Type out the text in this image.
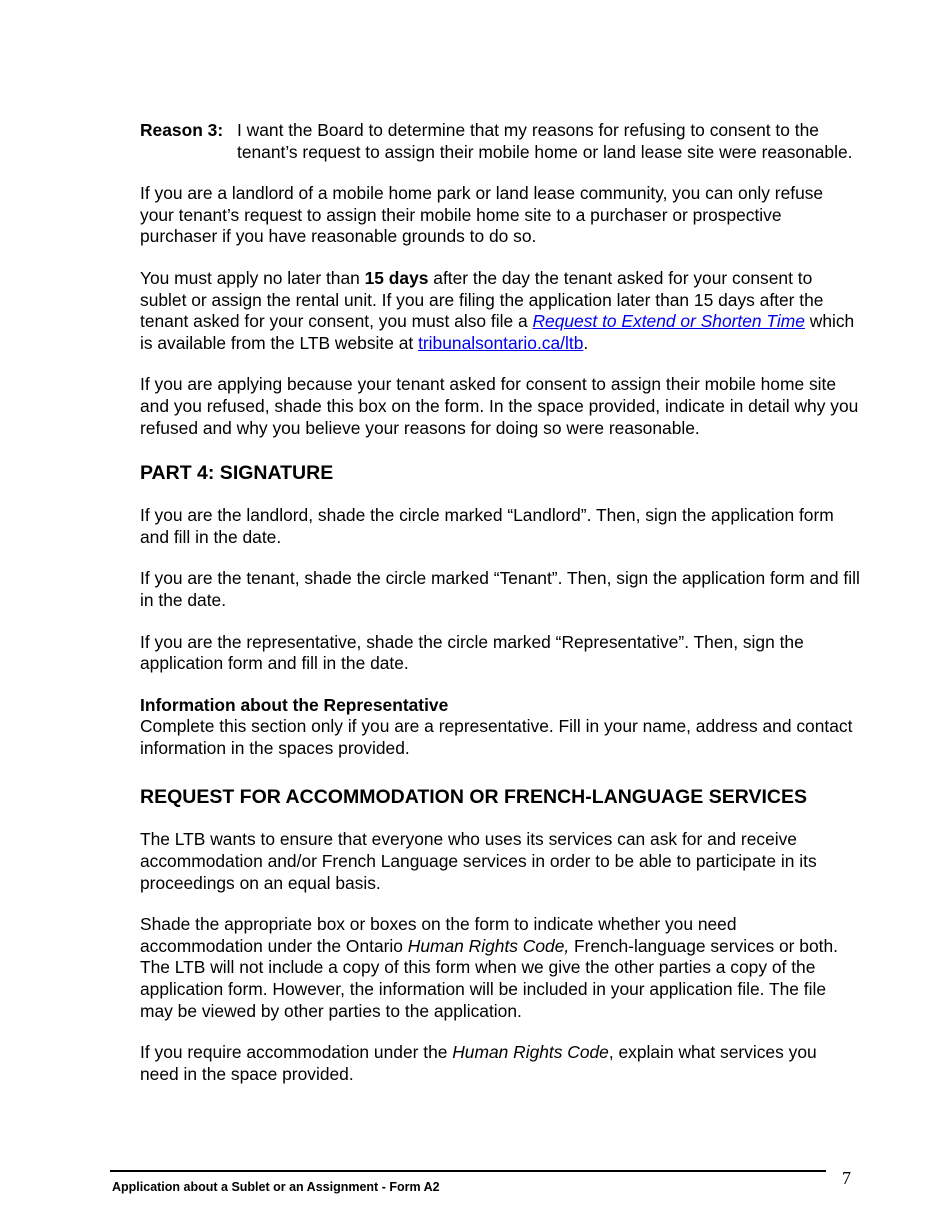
Reason 3: I want the Board to determine that my reasons for refusing to consent to the tenant’s request to assign their mobile home or land lease site were reasonable.

If you are a landlord of a mobile home park or land lease community, you can only refuse your tenant’s request to assign their mobile home site to a purchaser or prospective purchaser if you have reasonable grounds to do so.

You must apply no later than 15 days after the day the tenant asked for your consent to sublet or assign the rental unit. If you are filing the application later than 15 days after the tenant asked for your consent, you must also file a Request to Extend or Shorten Time which is available from the LTB website at tribunalsontario.ca/ltb.

If you are applying because your tenant asked for consent to assign their mobile home site and you refused, shade this box on the form. In the space provided, indicate in detail why you refused and why you believe your reasons for doing so were reasonable.

PART 4: SIGNATURE

If you are the landlord, shade the circle marked “Landlord”. Then, sign the application form and fill in the date.

If you are the tenant, shade the circle marked “Tenant”. Then, sign the application form and fill in the date.

If you are the representative, shade the circle marked “Representative”. Then, sign the application form and fill in the date.

Information about the Representative

Complete this section only if you are a representative. Fill in your name, address and contact information in the spaces provided.

REQUEST FOR ACCOMMODATION OR FRENCH-LANGUAGE SERVICES

The LTB wants to ensure that everyone who uses its services can ask for and receive accommodation and/or French Language services in order to be able to participate in its proceedings on an equal basis.

Shade the appropriate box or boxes on the form to indicate whether you need accommodation under the Ontario Human Rights Code, French-language services or both. The LTB will not include a copy of this form when we give the other parties a copy of the application form. However, the information will be included in your application file. The file may be viewed by other parties to the application.

If you require accommodation under the Human Rights Code, explain what services you need in the space provided.

7
Application about a Sublet or an Assignment - Form A2
